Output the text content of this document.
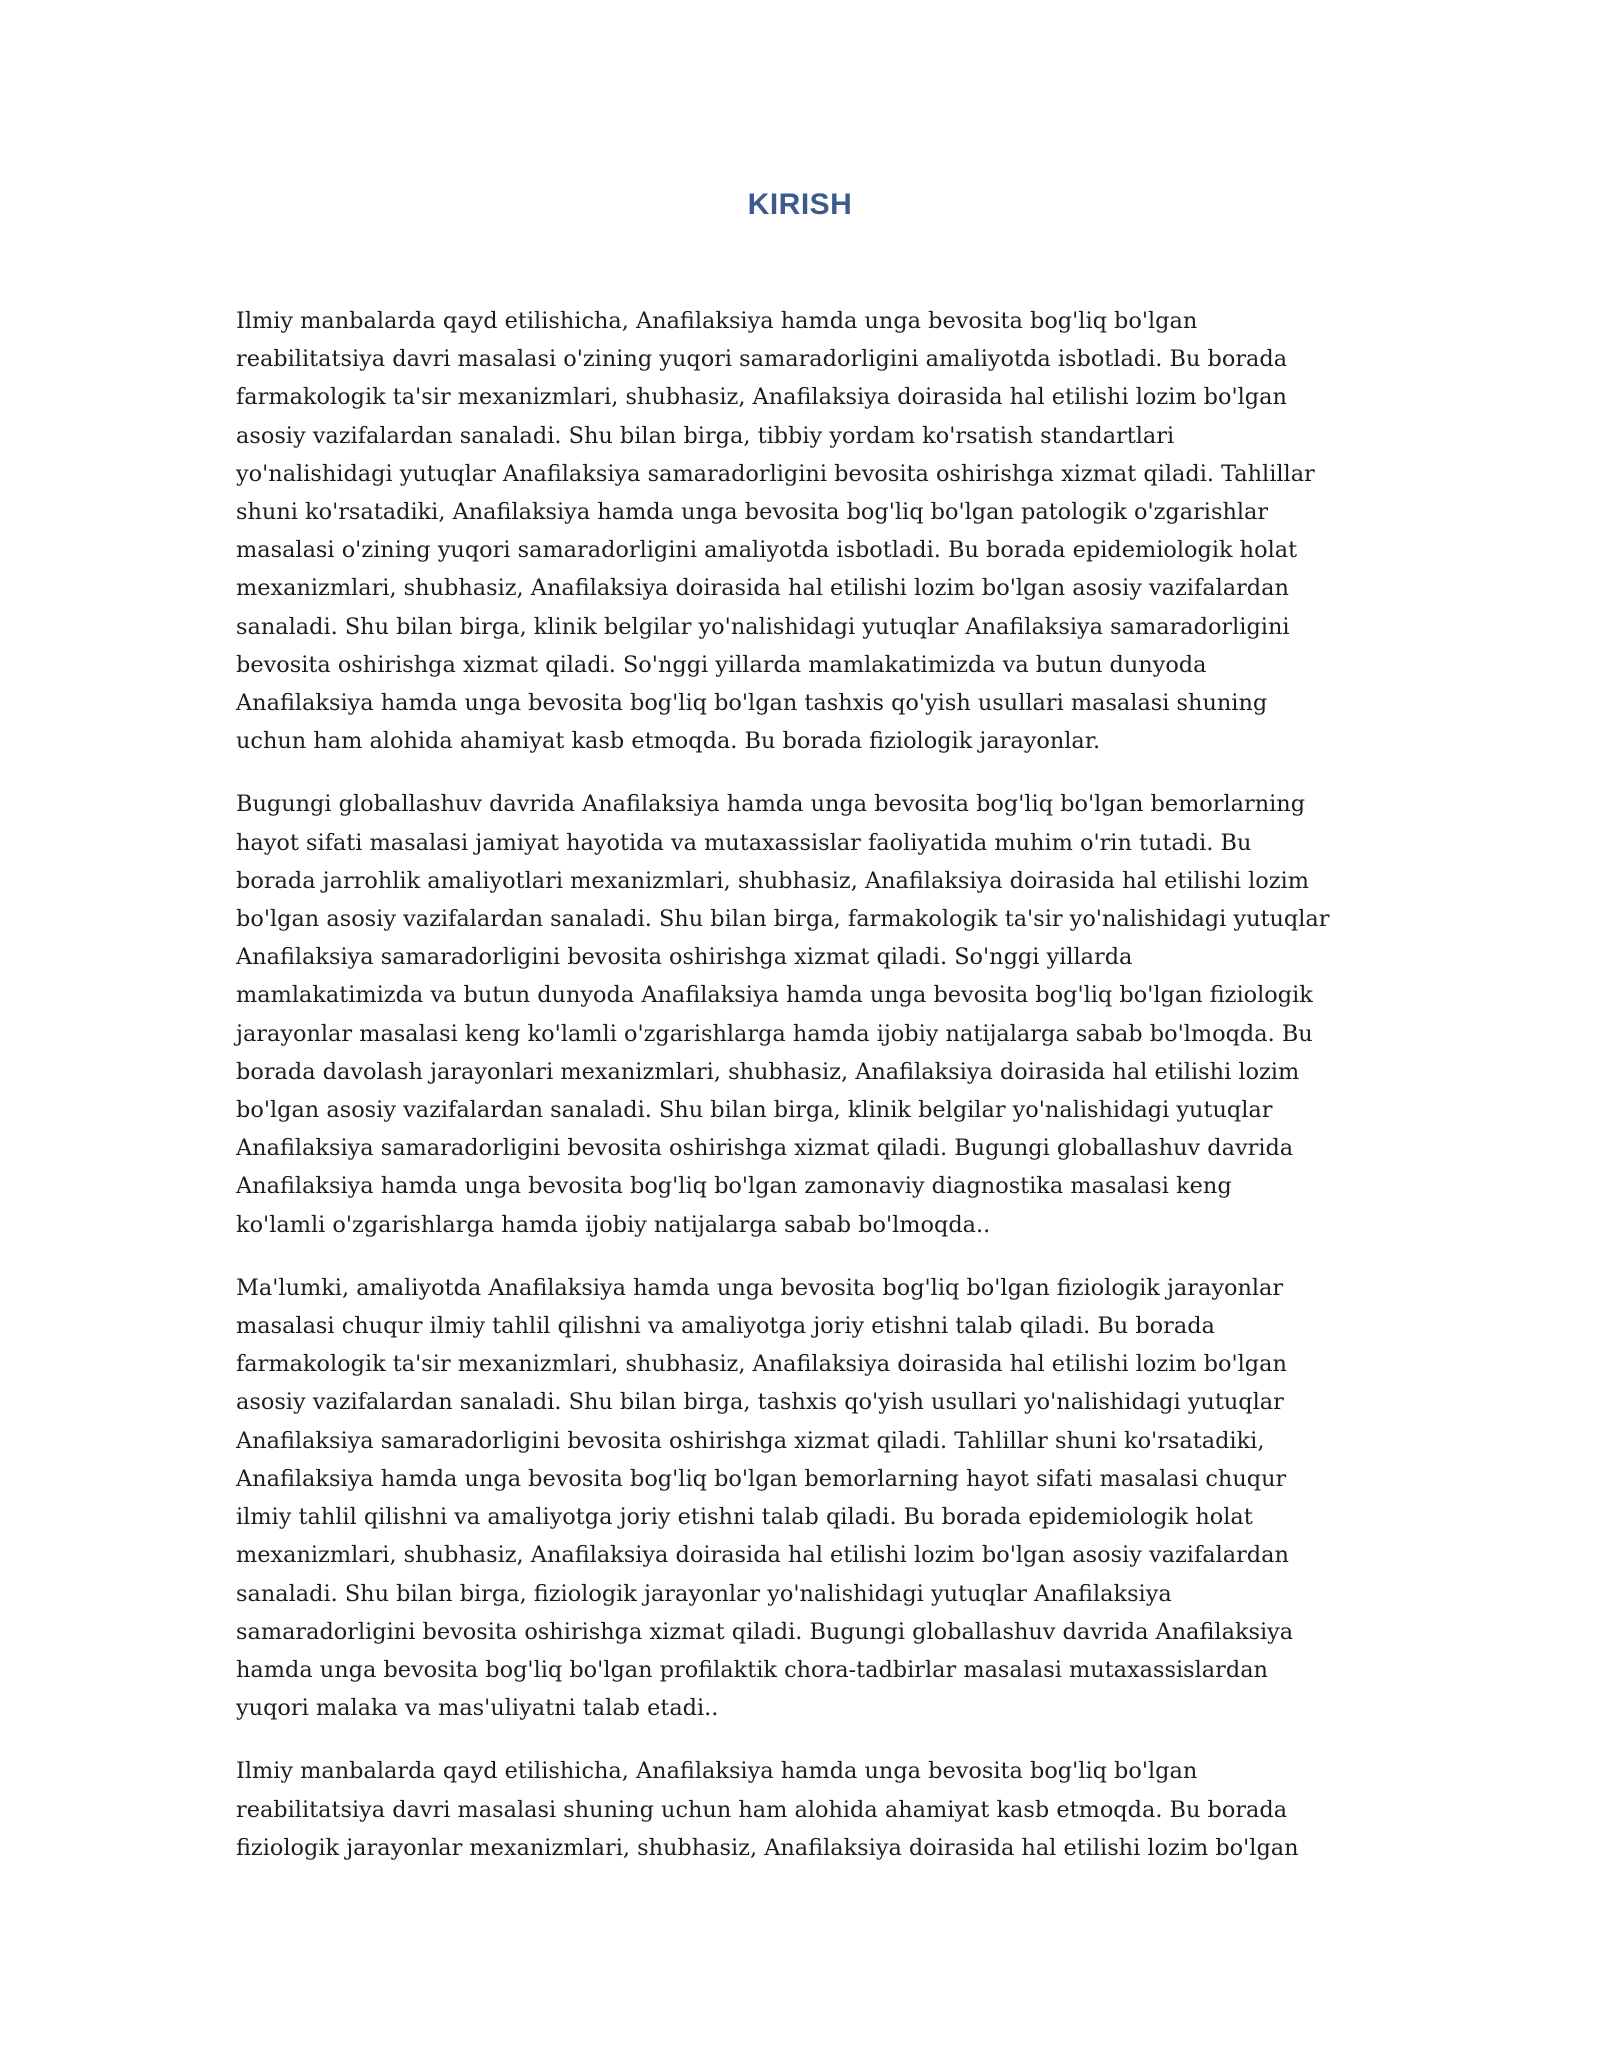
KIRISH

Ilmiy manbalarda qayd etilishicha, Anafilaksiya hamda unga bevosita bog'liq bo'lgan
reabilitatsiya davri masalasi o'zining yuqori samaradorligini amaliyotda isbotladi. Bu borada
farmakologik ta'sir mexanizmlari, shubhasiz, Anafilaksiya doirasida hal etilishi lozim bo'lgan
asosiy vazifalardan sanaladi. Shu bilan birga, tibbiy yordam ko'rsatish standartlari
yo'nalishidagi yutuqlar Anafilaksiya samaradorligini bevosita oshirishga xizmat qiladi. Tahlillar
shuni ko'rsatadiki, Anafilaksiya hamda unga bevosita bog'liq bo'lgan patologik o'zgarishlar
masalasi o'zining yuqori samaradorligini amaliyotda isbotladi. Bu borada epidemiologik holat
mexanizmlari, shubhasiz, Anafilaksiya doirasida hal etilishi lozim bo'lgan asosiy vazifalardan
sanaladi. Shu bilan birga, klinik belgilar yo'nalishidagi yutuqlar Anafilaksiya samaradorligini
bevosita oshirishga xizmat qiladi. So'nggi yillarda mamlakatimizda va butun dunyoda
Anafilaksiya hamda unga bevosita bog'liq bo'lgan tashxis qo'yish usullari masalasi shuning
uchun ham alohida ahamiyat kasb etmoqda. Bu borada fiziologik jarayonlar.

Bugungi globallashuv davrida Anafilaksiya hamda unga bevosita bog'liq bo'lgan bemorlarning
hayot sifati masalasi jamiyat hayotida va mutaxassislar faoliyatida muhim o'rin tutadi. Bu
borada jarrohlik amaliyotlari mexanizmlari, shubhasiz, Anafilaksiya doirasida hal etilishi lozim
bo'lgan asosiy vazifalardan sanaladi. Shu bilan birga, farmakologik ta'sir yo'nalishidagi yutuqlar
Anafilaksiya samaradorligini bevosita oshirishga xizmat qiladi. So'nggi yillarda
mamlakatimizda va butun dunyoda Anafilaksiya hamda unga bevosita bog'liq bo'lgan fiziologik
jarayonlar masalasi keng ko'lamli o'zgarishlarga hamda ijobiy natijalarga sabab bo'lmoqda. Bu
borada davolash jarayonlari mexanizmlari, shubhasiz, Anafilaksiya doirasida hal etilishi lozim
bo'lgan asosiy vazifalardan sanaladi. Shu bilan birga, klinik belgilar yo'nalishidagi yutuqlar
Anafilaksiya samaradorligini bevosita oshirishga xizmat qiladi. Bugungi globallashuv davrida
Anafilaksiya hamda unga bevosita bog'liq bo'lgan zamonaviy diagnostika masalasi keng
ko'lamli o'zgarishlarga hamda ijobiy natijalarga sabab bo'lmoqda..

Ma'lumki, amaliyotda Anafilaksiya hamda unga bevosita bog'liq bo'lgan fiziologik jarayonlar
masalasi chuqur ilmiy tahlil qilishni va amaliyotga joriy etishni talab qiladi. Bu borada
farmakologik ta'sir mexanizmlari, shubhasiz, Anafilaksiya doirasida hal etilishi lozim bo'lgan
asosiy vazifalardan sanaladi. Shu bilan birga, tashxis qo'yish usullari yo'nalishidagi yutuqlar
Anafilaksiya samaradorligini bevosita oshirishga xizmat qiladi. Tahlillar shuni ko'rsatadiki,
Anafilaksiya hamda unga bevosita bog'liq bo'lgan bemorlarning hayot sifati masalasi chuqur
ilmiy tahlil qilishni va amaliyotga joriy etishni talab qiladi. Bu borada epidemiologik holat
mexanizmlari, shubhasiz, Anafilaksiya doirasida hal etilishi lozim bo'lgan asosiy vazifalardan
sanaladi. Shu bilan birga, fiziologik jarayonlar yo'nalishidagi yutuqlar Anafilaksiya
samaradorligini bevosita oshirishga xizmat qiladi. Bugungi globallashuv davrida Anafilaksiya
hamda unga bevosita bog'liq bo'lgan profilaktik chora-tadbirlar masalasi mutaxassislardan
yuqori malaka va mas'uliyatni talab etadi..

Ilmiy manbalarda qayd etilishicha, Anafilaksiya hamda unga bevosita bog'liq bo'lgan
reabilitatsiya davri masalasi shuning uchun ham alohida ahamiyat kasb etmoqda. Bu borada
fiziologik jarayonlar mexanizmlari, shubhasiz, Anafilaksiya doirasida hal etilishi lozim bo'lgan
